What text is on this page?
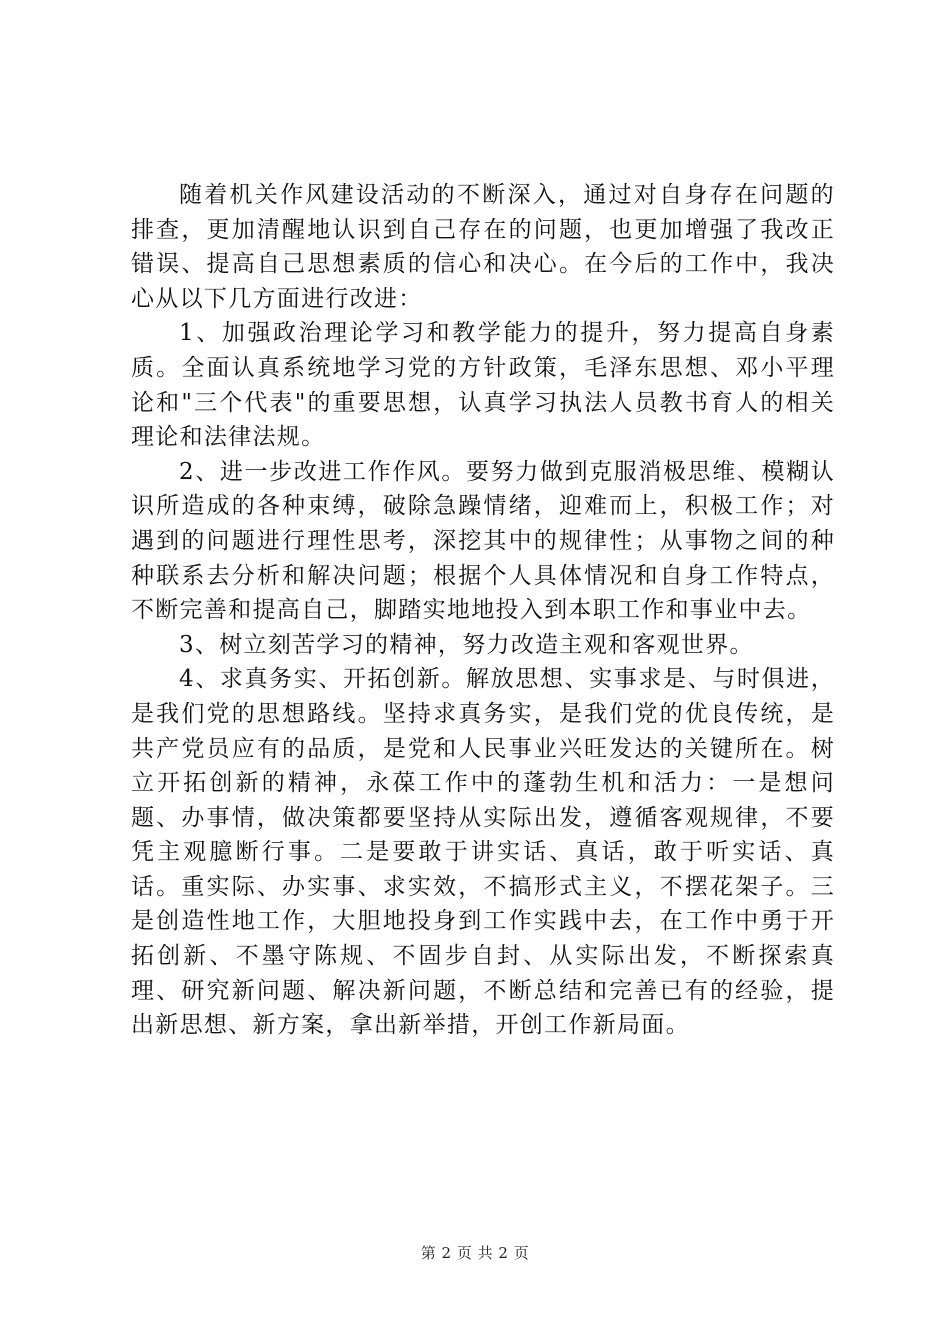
随着机关作风建设活动的不断深入，通过对自身存在问题的排查，更加清醒地认识到自己存在的问题，也更加增强了我改正错误、提高自己思想素质的信心和决心。在今后的工作中，我决心从以下几方面进行改进：

1、加强政治理论学习和教学能力的提升，努力提高自身素质。全面认真系统地学习党的方针政策，毛泽东思想、邓小平理论和"三个代表"的重要思想，认真学习执法人员教书育人的相关理论和法律法规。

2、进一步改进工作作风。要努力做到克服消极思维、模糊认识所造成的各种束缚，破除急躁情绪，迎难而上，积极工作；对遇到的问题进行理性思考，深挖其中的规律性；从事物之间的种种联系去分析和解决问题；根据个人具体情况和自身工作特点，不断完善和提高自己，脚踏实地地投入到本职工作和事业中去。

3、树立刻苦学习的精神，努力改造主观和客观世界。

4、求真务实、开拓创新。解放思想、实事求是、与时俱进，是我们党的思想路线。坚持求真务实，是我们党的优良传统，是共产党员应有的品质，是党和人民事业兴旺发达的关键所在。树立开拓创新的精神，永葆工作中的蓬勃生机和活力：一是想问题、办事情，做决策都要坚持从实际出发，遵循客观规律，不要凭主观臆断行事。二是要敢于讲实话、真话，敢于听实话、真话。重实际、办实事、求实效，不搞形式主义，不摆花架子。三是创造性地工作，大胆地投身到工作实践中去，在工作中勇于开拓创新、不墨守陈规、不固步自封、从实际出发，不断探索真理、研究新问题、解决新问题，不断总结和完善已有的经验，提出新思想、新方案，拿出新举措，开创工作新局面。

第 2 页 共 2 页
